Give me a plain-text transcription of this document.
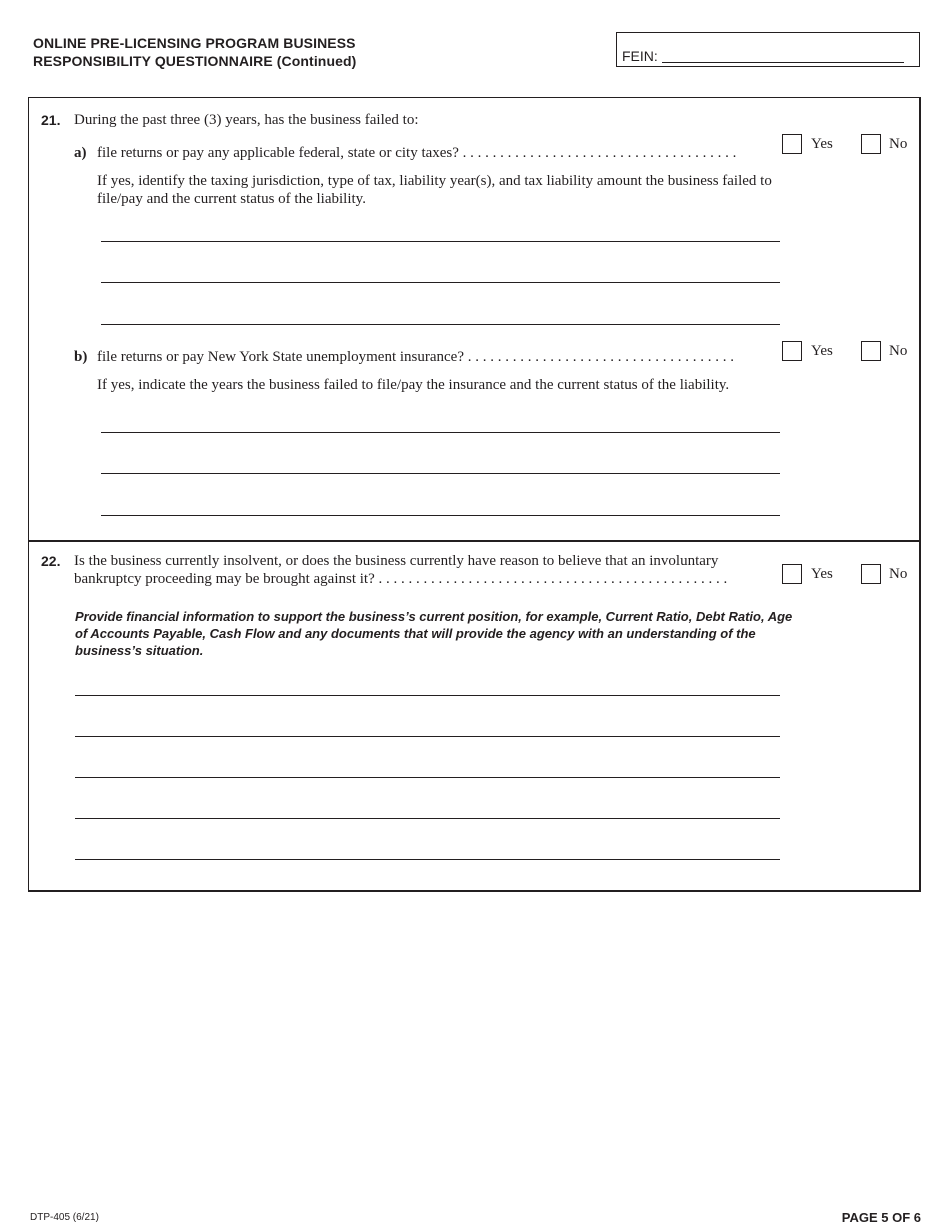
ONLINE PRE-LICENSING PROGRAM BUSINESS
RESPONSIBILITY QUESTIONNAIRE (Continued)	FEIN:
21. During the past three (3) years, has the business failed to:
a) file returns or pay any applicable federal, state or city taxes? . . . . . . . . . . . . . . . . . . . . . . . . . . . . . . . . . . . . .
Yes	No
If yes, identify the taxing jurisdiction, type of tax, liability year(s), and tax liability amount the business failed to file/pay and the current status of the liability.
b) file returns or pay New York State unemployment insurance? . . . . . . . . . . . . . . . . . . . . . . . . . . . . . . . . . . . .	Yes	No
If yes, indicate the years the business failed to file/pay the insurance and the current status of the liability.
22. Is the business currently insolvent, or does the business currently have reason to believe that an involuntary
bankruptcy proceeding may be brought against it? . . . . . . . . . . . . . . . . . . . . . . . . . . . . . . . . . . . . . . . . . . . . . . .	Yes	No
Provide financial information to support the business’s current position, for example, Current Ratio, Debt Ratio, Age of Accounts Payable, Cash Flow and any documents that will provide the agency with an understanding of the business’s situation.
DTP-405 (6/21)	PAGE 5 OF 6
